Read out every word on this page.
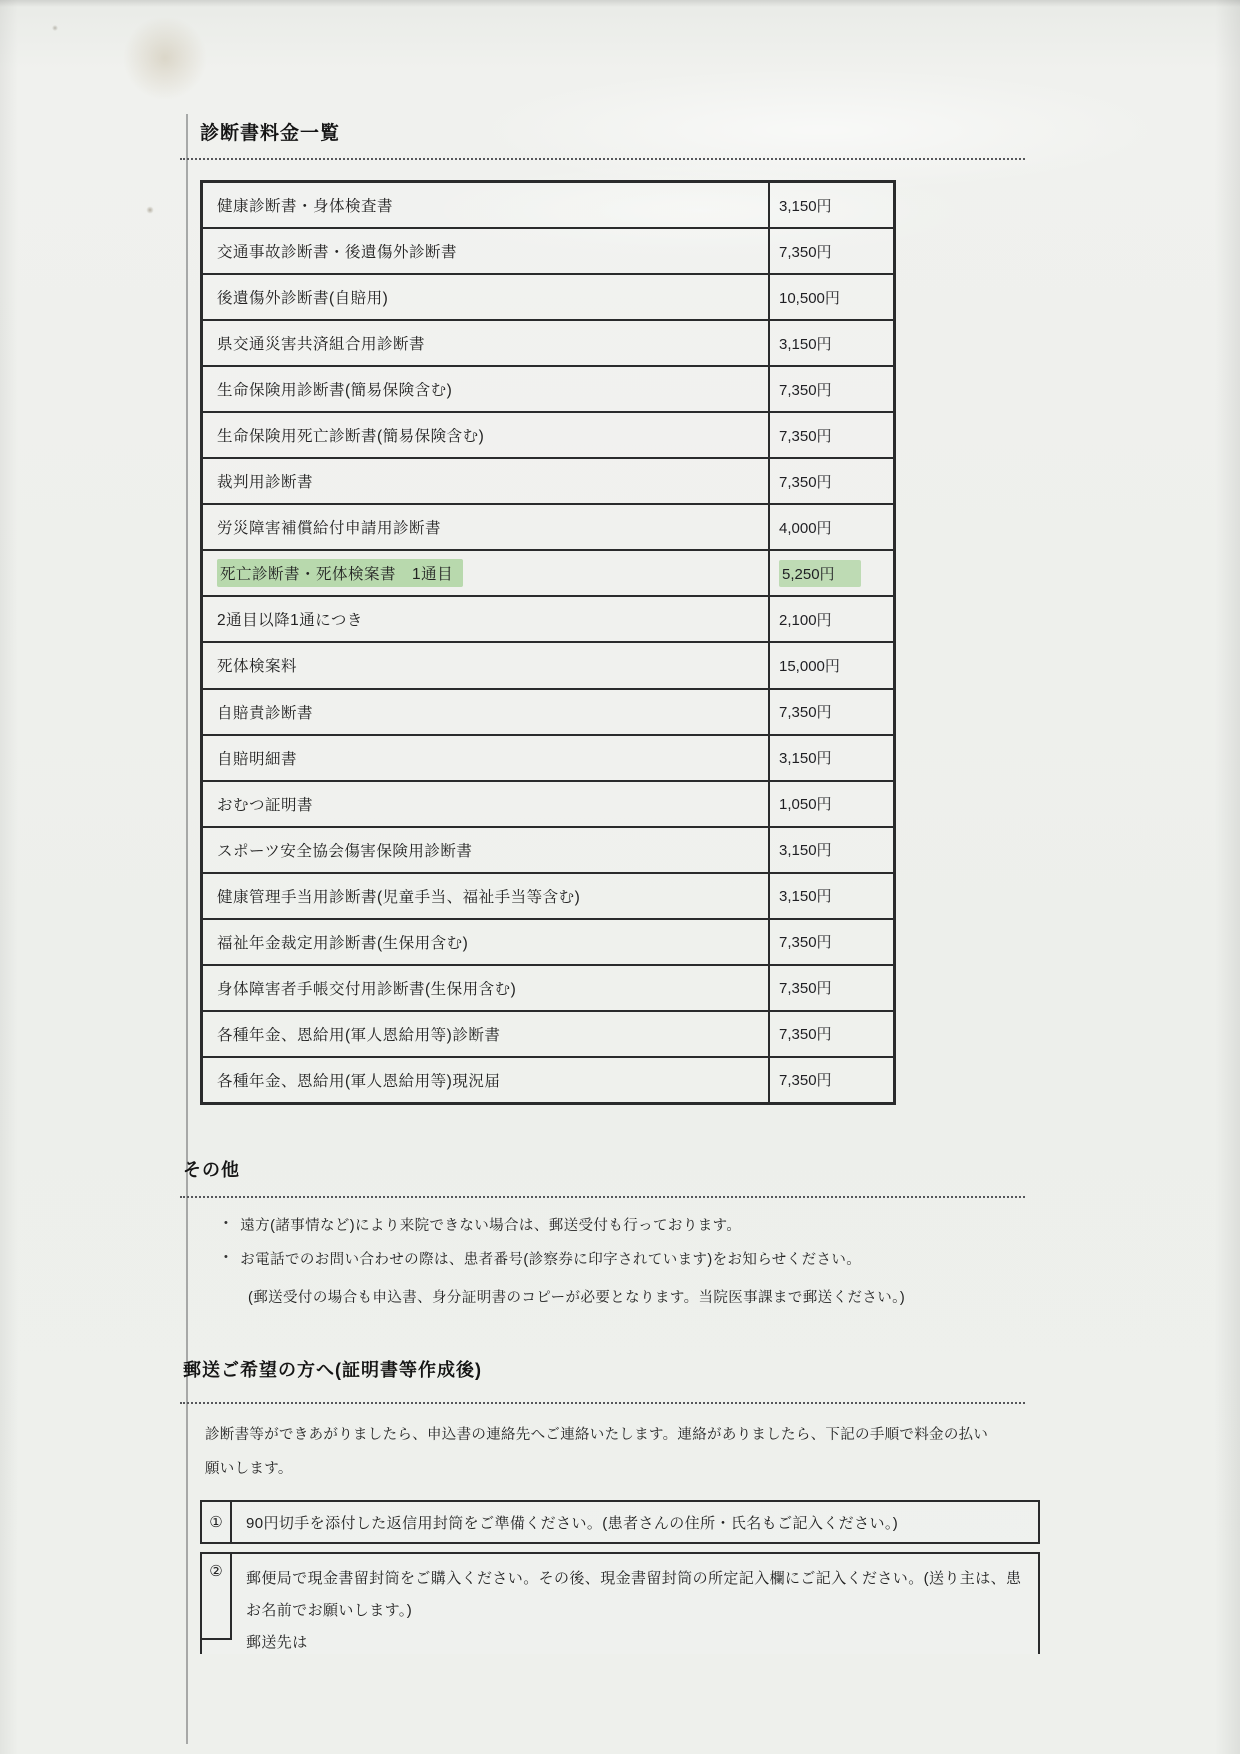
診断書料金一覧
健康診断書・身体検査書	3,150円
交通事故診断書・後遺傷外診断書	7,350円
後遺傷外診断書(自賠用)	10,500円
県交通災害共済組合用診断書	3,150円
生命保険用診断書(簡易保険含む)	7,350円
生命保険用死亡診断書(簡易保険含む)	7,350円
裁判用診断書	7,350円
労災障害補償給付申請用診断書	4,000円
死亡診断書・死体検案書　1通目	5,250円
2通目以降1通につき	2,100円
死体検案料	15,000円
自賠責診断書	7,350円
自賠明細書	3,150円
おむつ証明書	1,050円
スポーツ安全協会傷害保険用診断書	3,150円
健康管理手当用診断書(児童手当、福祉手当等含む)	3,150円
福祉年金裁定用診断書(生保用含む)	7,350円
身体障害者手帳交付用診断書(生保用含む)	7,350円
各種年金、恩給用(軍人恩給用等)診断書	7,350円
各種年金、恩給用(軍人恩給用等)現況届	7,350円
その他
• 遠方(諸事情など)により来院できない場合は、郵送受付も行っております。
• お電話でのお問い合わせの際は、患者番号(診察券に印字されています)をお知らせください。
(郵送受付の場合も申込書、身分証明書のコピーが必要となります。当院医事課まで郵送ください。)
郵送ご希望の方へ(証明書等作成後)
診断書等ができあがりましたら、申込書の連絡先へご連絡いたします。連絡がありましたら、下記の手順で料金の払い
願いします。
①	90円切手を添付した返信用封筒をご準備ください。(患者さんの住所・氏名もご記入ください。)
②	郵便局で現金書留封筒をご購入ください。その後、現金書留封筒の所定記入欄にご記入ください。(送り主は、患
お名前でお願いします。)
郵送先は
